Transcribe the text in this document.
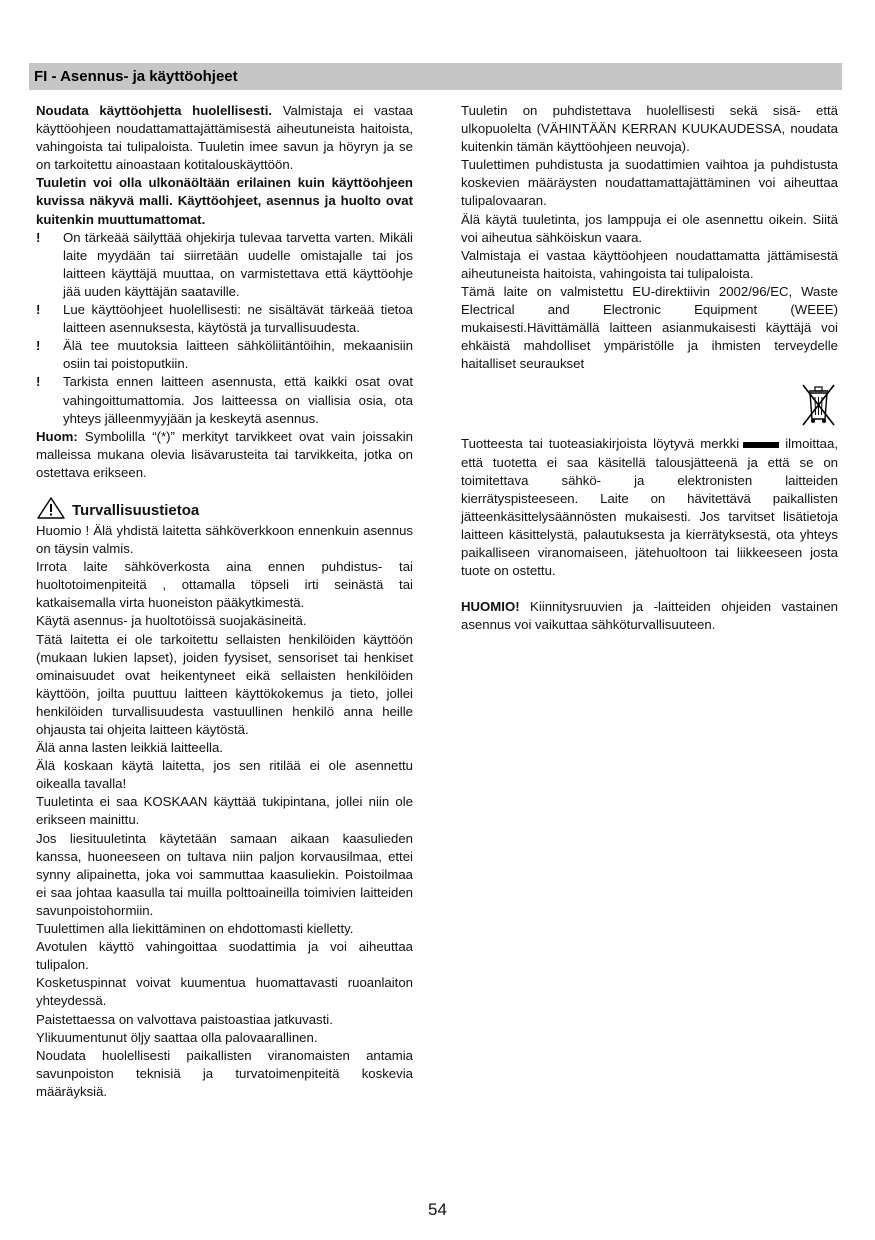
FI - Asennus- ja käyttöohjeet

Noudata käyttöohjetta huolellisesti. Valmistaja ei vastaa käyttöohjeen noudattamattajättämisestä aiheutuneista haitoista, vahingoista tai tulipaloista. Tuuletin imee savun ja höyryn ja se on tarkoitettu ainoastaan kotitalouskäyttöön.

Tuuletin voi olla ulkonäöltään erilainen kuin käyttöohjeen kuvissa näkyvä malli. Käyttöohjeet, asennus ja huolto ovat kuitenkin muuttumattomat.

!	On tärkeää säilyttää ohjekirja tulevaa tarvetta varten. Mikäli laite myydään tai siirretään uudelle omistajalle tai jos laitteen käyttäjä muuttaa, on varmistettava että käyttöohje jää uuden käyttäjän saataville.
!	Lue käyttöohjeet huolellisesti: ne sisältävät tärkeää tietoa laitteen asennuksesta, käytöstä ja turvallisuudesta.
!	Älä tee muutoksia laitteen sähköliitäntöihin, mekaanisiin osiin tai poistoputkiin.
!	Tarkista ennen laitteen asennusta, että kaikki osat ovat vahingoittumattomia. Jos laitteessa on viallisia osia, ota yhteys jälleenmyyjään ja keskeytä asennus.

Huom: Symbolilla “(*)” merkityt tarvikkeet ovat vain joissakin malleissa mukana olevia lisävarusteita tai tarvikkeita, jotka on ostettava erikseen.

Turvallisuustietoa

Huomio ! Älä yhdistä laitetta sähköverkkoon ennenkuin asennus on täysin valmis.

Irrota laite sähköverkosta aina ennen puhdistus- tai huoltotoimenpiteitä , ottamalla töpseli irti seinästä tai katkaisemalla virta huoneiston pääkytkimestä.

Käytä asennus- ja huoltotöissä suojakäsineitä.

Tätä laitetta ei ole tarkoitettu sellaisten henkilöiden käyttöön (mukaan lukien lapset), joiden fyysiset, sensoriset tai henkiset ominaisuudet ovat heikentyneet eikä sellaisten henkilöiden käyttöön, joilta puuttuu laitteen käyttökokemus ja tieto, jollei henkilöiden turvallisuudesta vastuullinen henkilö anna heille ohjausta tai ohjeita laitteen käytöstä.

Älä anna lasten leikkiä laitteella.

Älä koskaan käytä laitetta, jos sen ritilää ei ole asennettu oikealla tavalla!

Tuuletinta ei saa KOSKAAN käyttää tukipintana, jollei niin ole erikseen mainittu.

Jos liesituuletinta käytetään samaan aikaan kaasulieden kanssa, huoneeseen on tultava niin paljon korvausilmaa, ettei synny alipainetta, joka voi sammuttaa kaasuliekin. Poistoilmaa ei saa johtaa kaasulla tai muilla polttoaineilla toimivien laitteiden savunpoistohormiin.

Tuulettimen alla liekittäminen on ehdottomasti kielletty.

Avotulen käyttö vahingoittaa suodattimia ja voi aiheuttaa tulipalon.

Kosketuspinnat voivat kuumentua huomattavasti ruoanlaiton yhteydessä.

Paistettaessa on valvottava paistoastiaa jatkuvasti.

Ylikuumentunut öljy saattaa olla palovaarallinen.

Noudata huolellisesti paikallisten viranomaisten antamia savunpoiston teknisiä ja turvatoimenpiteitä koskevia määräyksiä.

Tuuletin on puhdistettava huolellisesti sekä sisä- että ulkopuolelta (VÄHINTÄÄN KERRAN KUUKAUDESSA, noudata kuitenkin tämän käyttöohjeen neuvoja).

Tuulettimen puhdistusta ja suodattimien vaihtoa ja puhdistusta koskevien määräysten noudattamattajättäminen voi aiheuttaa tulipalovaaran.

Älä käytä tuuletinta, jos lamppuja ei ole asennettu oikein. Siitä voi aiheutua sähköiskun vaara.

Valmistaja ei vastaa käyttöohjeen noudattamatta jättämisestä aiheutuneista haitoista, vahingoista tai tulipaloista.

Tämä laite on valmistettu EU-direktiivin 2002/96/EC, Waste Electrical and Electronic Equipment (WEEE) mukaisesti.Hävittämällä laitteen asianmukaisesti käyttäjä voi ehkäistä mahdolliset ympäristölle ja ihmisten terveydelle haitalliset seuraukset

Tuotteesta tai tuoteasiakirjoista löytyvä merkki	ilmoittaa, että tuotetta ei saa käsitellä talousjätteenä ja että se on toimitettava sähkö- ja elektronisten laitteiden kierrätyspisteeseen. Laite on hävitettävä paikallisten jätteenkäsittelysäännösten mukaisesti. Jos tarvitset lisätietoja laitteen käsittelystä, palautuksesta ja kierrätyksestä, ota yhteys paikalliseen viranomaiseen, jätehuoltoon tai liikkeeseen josta tuote on ostettu.

HUOMIO! Kiinnitysruuvien ja -laitteiden ohjeiden vastainen asennus voi vaikuttaa sähköturvallisuuteen.

54
